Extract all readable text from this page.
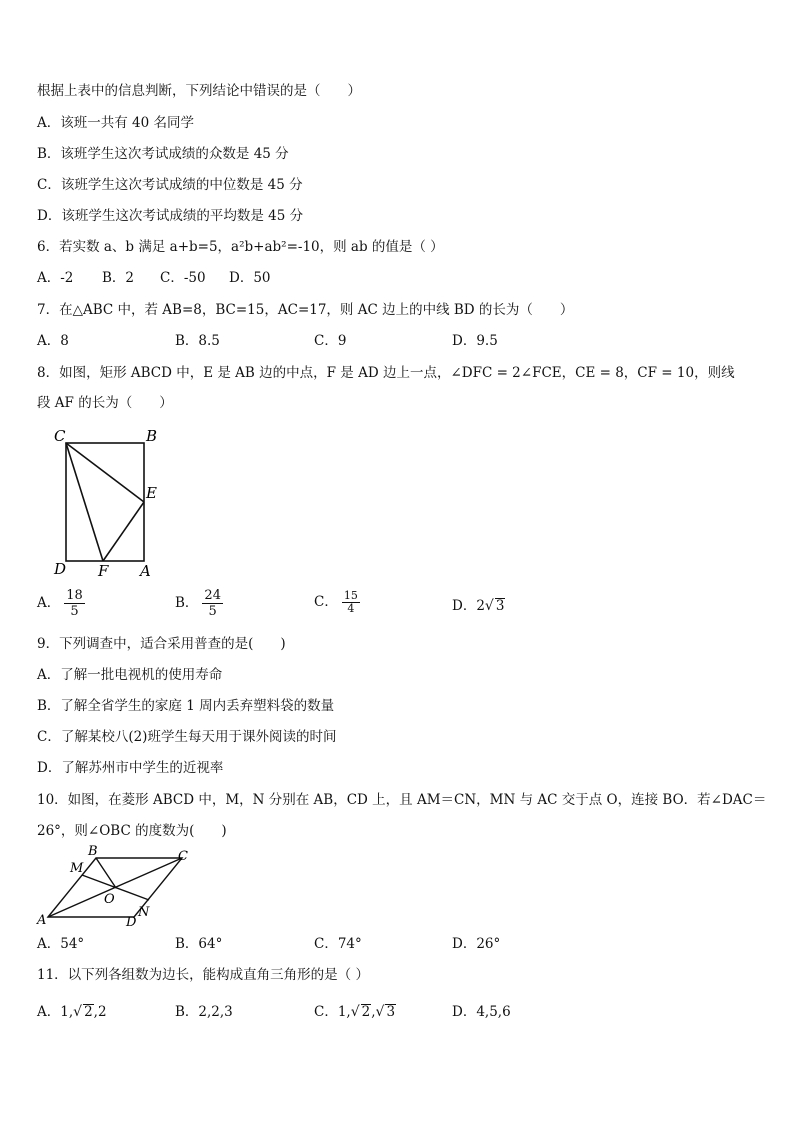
根据上表中的信息判断，下列结论中错误的是（　　）
A．该班一共有 40 名同学
B．该班学生这次考试成绩的众数是 45 分
C．该班学生这次考试成绩的中位数是 45 分
D．该班学生这次考试成绩的平均数是 45 分
6．若实数 a、b 满足 a+b=5，a²b+ab²=-10，则 ab 的值是（ ）
A．-2 B．2 C．-50 D．50
7．在△ABC 中，若 AB=8，BC=15，AC=17，则 AC 边上的中线 BD 的长为（　　）
A．8	B．8.5	C．9	D．9.5
8．如图，矩形 ABCD 中，E 是 AB 边的中点，F 是 AD 边上一点，∠DFC = 2∠FCE，CE = 8，CF = 10，则线
段 AF 的长为（　　）
C	B
E
D F A
A． $\frac{18}{5}$	B． $\frac{24}{5}$	C． $\frac{15}{4}$	D．2√ 3
9．下列调查中，适合采用普查的是(　　)
A．了解一批电视机的使用寿命
B．了解全省学生的家庭 1 周内丢弃塑料袋的数量
C．了解某校八(2)班学生每天用于课外阅读的时间
D．了解苏州市中学生的近视率
10．如图，在菱形 ABCD 中，M，N 分别在 AB，CD 上，且 AM＝CN，MN 与 AC 交于点 O，连接 BO．若∠DAC＝
26°，则∠OBC 的度数为(　　)
B	C
M
O
N
A	D
A．54°	B．64°	C．74°	D．26°
11．以下列各组数为边长，能构成直角三角形的是（ ）
A．1,√ 2,2	B．2,2,3	C．1,√ 2,√ 3	D．4,5,6
